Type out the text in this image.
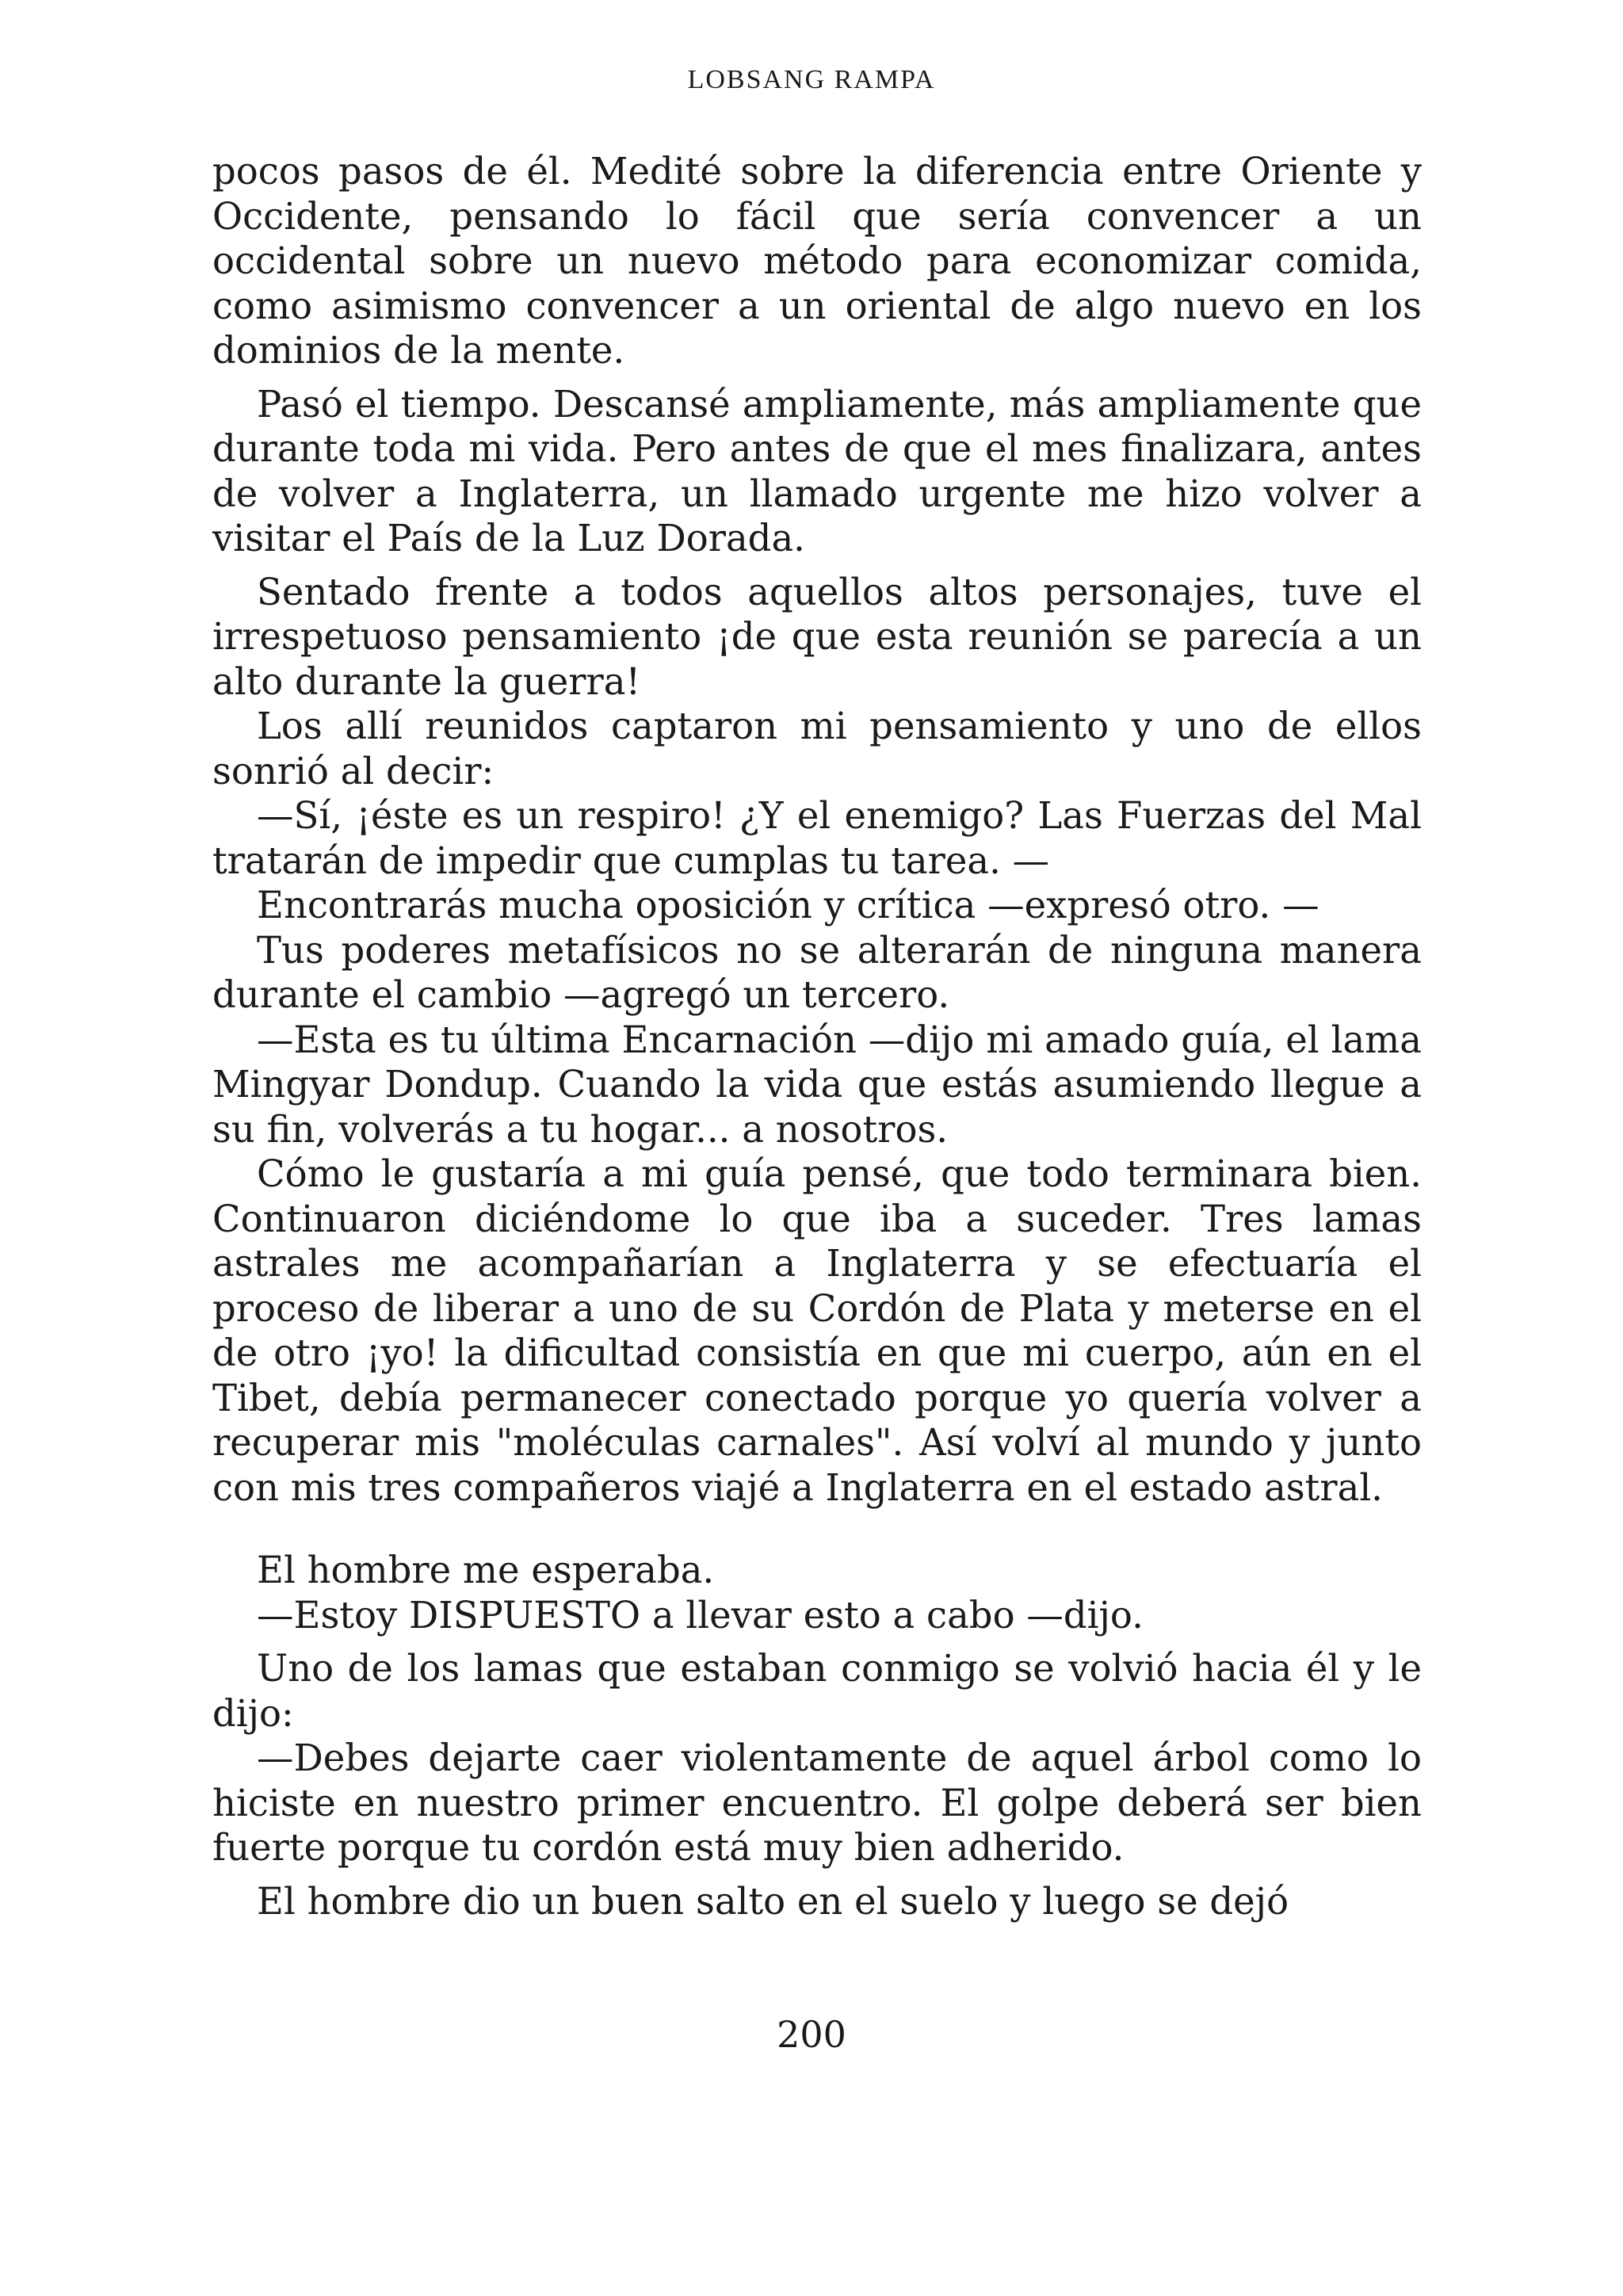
LOBSANG RAMPA

pocos pasos de él. Medité sobre la diferencia entre Oriente y Occidente, pensando lo fácil que sería convencer a un occidental sobre un nuevo método para economizar comida, como asimismo convencer a un oriental de algo nuevo en los dominios de la mente.

Pasó el tiempo. Descansé ampliamente, más ampliamente que durante toda mi vida. Pero antes de que el mes finalizara, antes de volver a Inglaterra, un llamado urgente me hizo volver a visitar el País de la Luz Dorada.

Sentado frente a todos aquellos altos personajes, tuve el irrespetuoso pensamiento ¡de que esta reunión se parecía a un alto durante la guerra!

Los allí reunidos captaron mi pensamiento y uno de ellos sonrió al decir:

—Sí, ¡éste es un respiro! ¿Y el enemigo? Las Fuerzas del Mal tratarán de impedir que cumplas tu tarea. —

Encontrarás mucha oposición y crítica —expresó otro. —

Tus poderes metafísicos no se alterarán de ninguna manera durante el cambio —agregó un tercero.

—Esta es tu última Encarnación —dijo mi amado guía, el lama Mingyar Dondup. Cuando la vida que estás asumiendo llegue a su fin, volverás a tu hogar... a nosotros.

Cómo le gustaría a mi guía pensé, que todo terminara bien. Continuaron diciéndome lo que iba a suceder. Tres lamas astrales me acompañarían a Inglaterra y se efectuaría el proceso de liberar a uno de su Cordón de Plata y meterse en el de otro ¡yo! la dificultad consistía en que mi cuerpo, aún en el Tibet, debía permanecer conectado porque yo quería volver a recuperar mis "moléculas carnales". Así volví al mundo y junto con mis tres compañeros viajé a Inglaterra en el estado astral.

El hombre me esperaba.

—Estoy DISPUESTO a llevar esto a cabo —dijo.

Uno de los lamas que estaban conmigo se volvió hacia él y le dijo:

—Debes dejarte caer violentamente de aquel árbol como lo hiciste en nuestro primer encuentro. El golpe deberá ser bien fuerte porque tu cordón está muy bien adherido.

El hombre dio un buen salto en el suelo y luego se dejó

200
